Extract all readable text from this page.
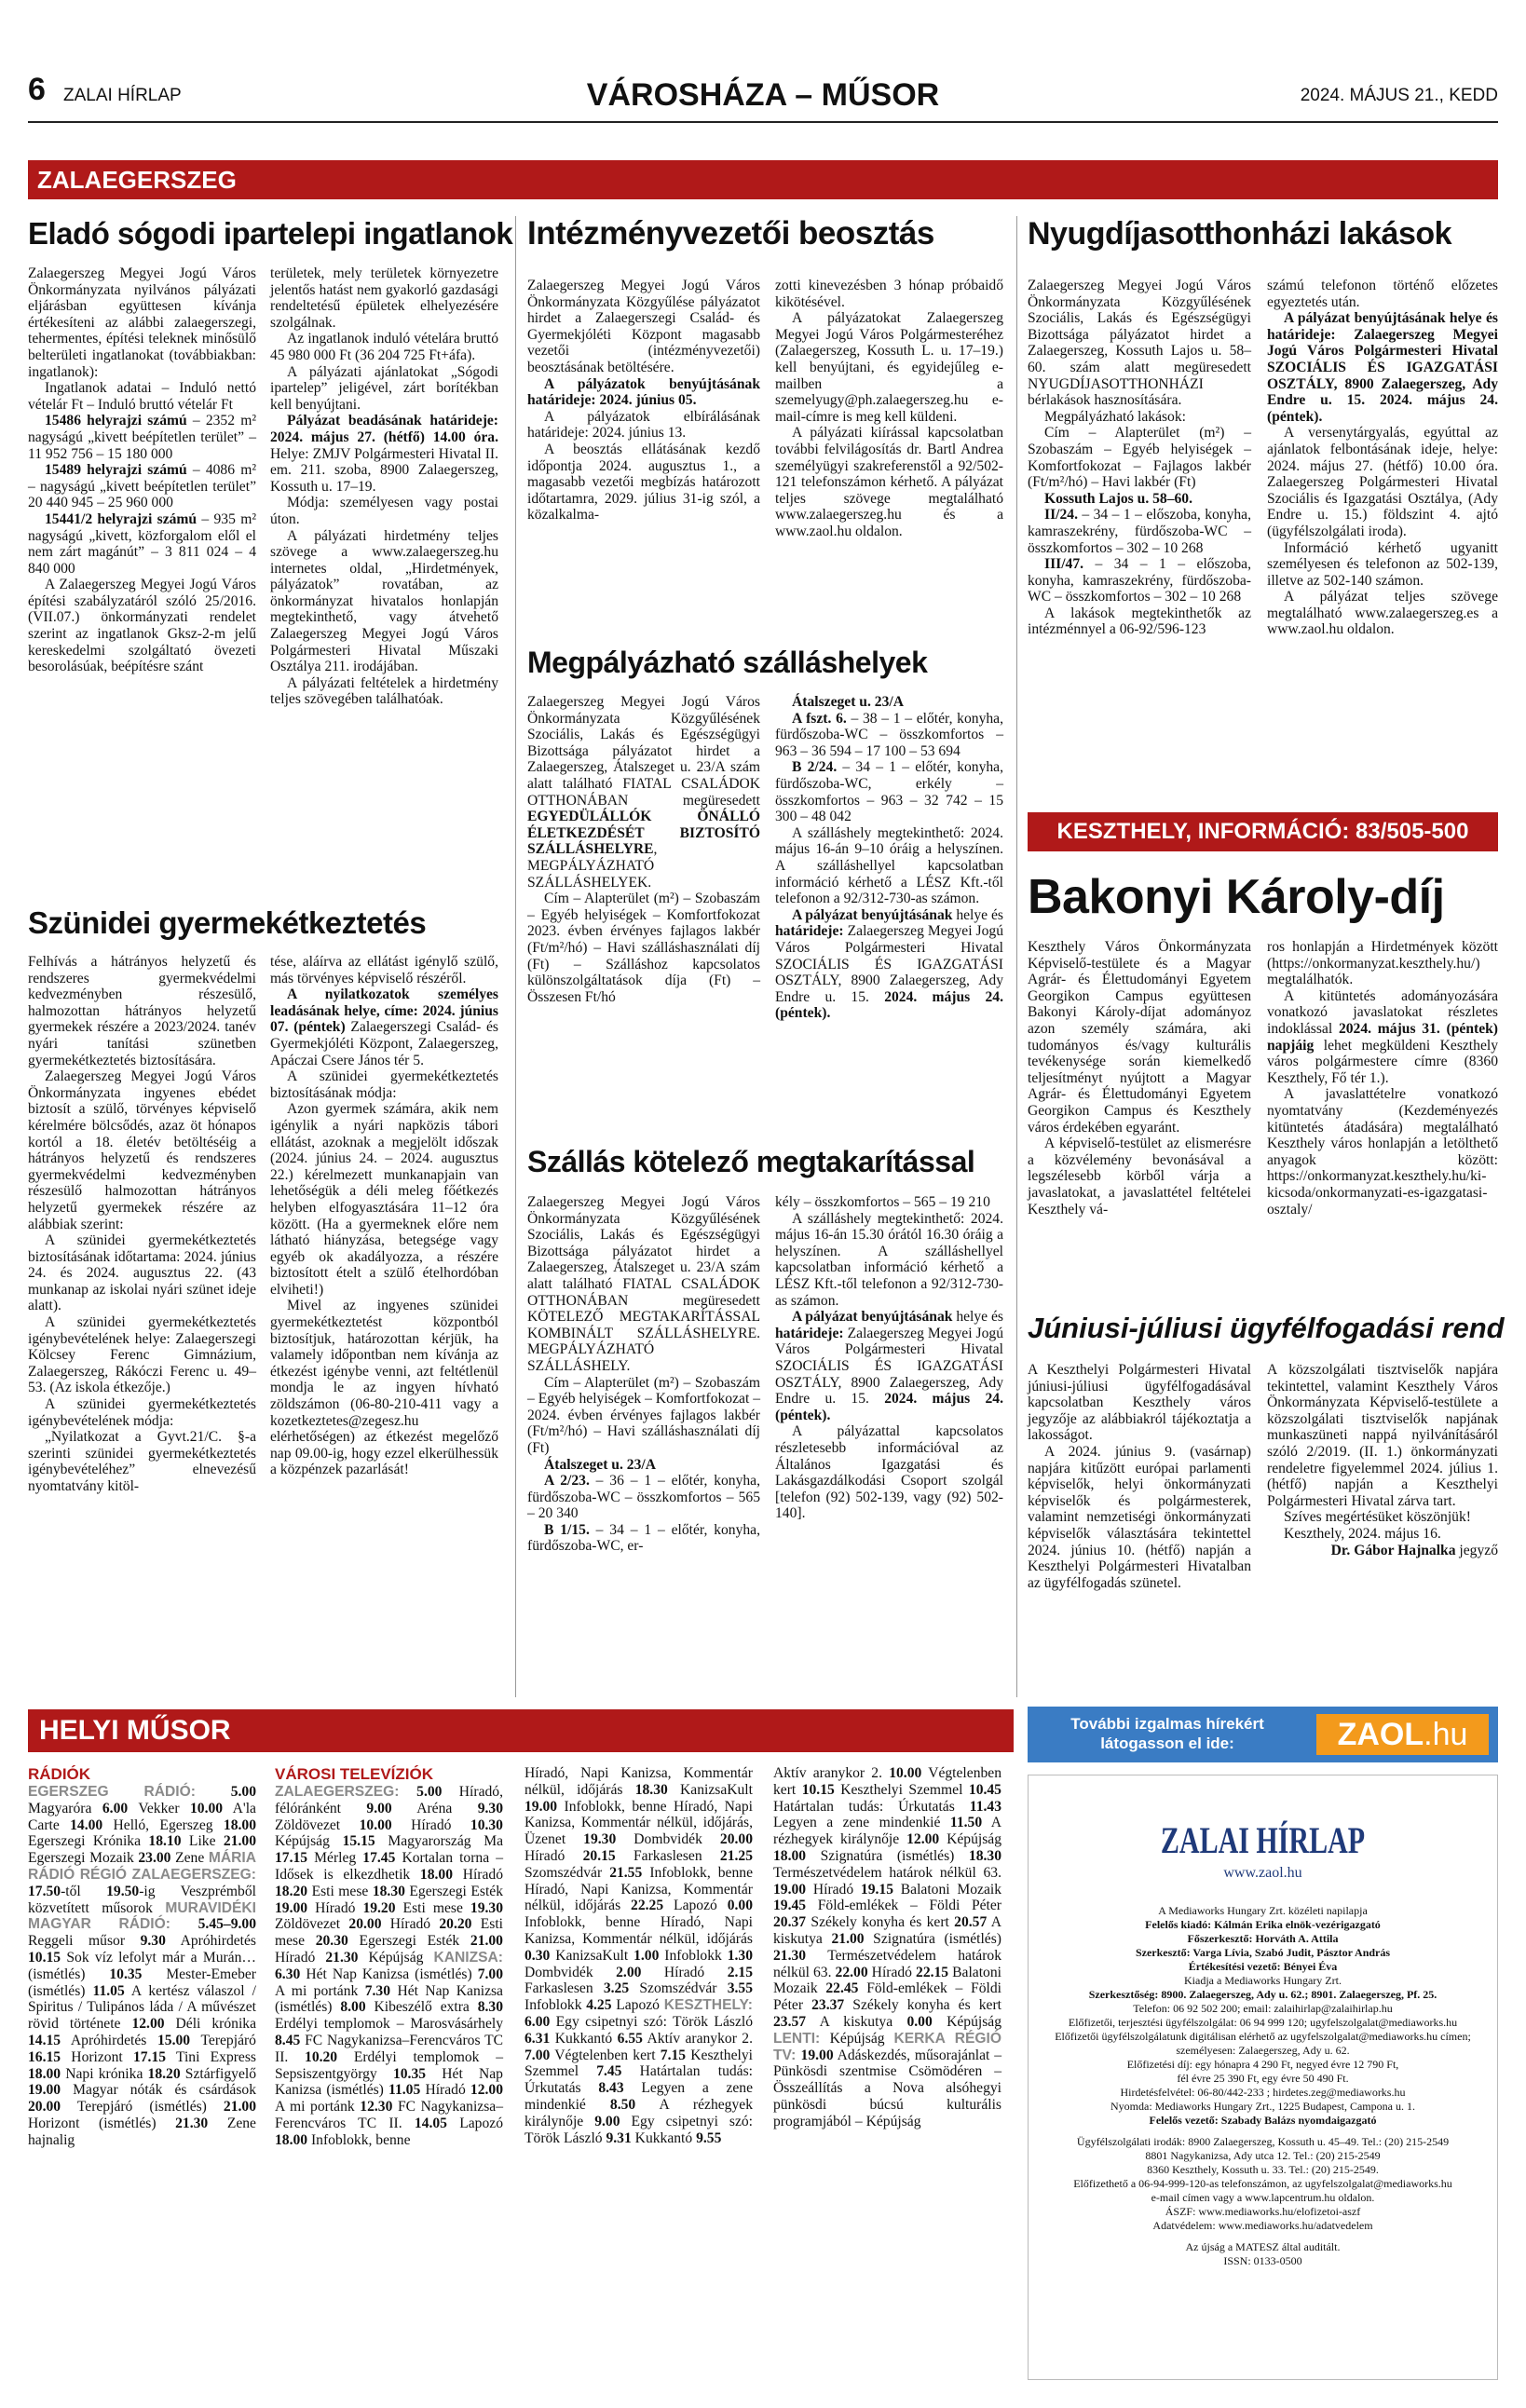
6 ZALAI HÍRLAP	VÁROSHÁZA – MŰSOR	2024. MÁJUS 21., KEDD
ZALAEGERSZEG
Eladó sógodi ipartelepi ingatlanok

Zalaegerszeg Megyei Jogú Város Önkormányzata nyilvános pályázati eljárásban együttesen kívánja értékesíteni az alábbi zalaegerszegi, tehermentes, építési teleknek minősülő belterületi ingatlanokat (továbbiakban: ingatlanok):

Ingatlanok adatai – Induló nettó vételár Ft – Induló bruttó vételár Ft

15486 helyrajzi számú – 2352 m² nagyságú „kivett beépítetlen terület” – 11 952 756 – 15 180 000

15489 helyrajzi számú – 4086 m² – nagyságú „kivett beépítetlen terület” 20 440 945 – 25 960 000

15441/2 helyrajzi számú – 935 m² nagyságú „kivett, közforgalom elől el nem zárt magánút” – 3 811 024 – 4 840 000

A Zalaegerszeg Megyei Jogú Város építési szabályzatáról szóló 25/2016. (VII.07.) önkormányzati rendelet szerint az ingatlanok Gksz-2-m jelű kereskedelmi szolgáltató övezeti besorolásúak, beépítésre szánt

területek, mely területek környezetre jelentős hatást nem gyakorló gazdasági rendeltetésű épületek elhelyezésére szolgálnak.

Az ingatlanok induló vételára bruttó 45 980 000 Ft (36 204 725 Ft+áfa).

A pályázati ajánlatokat „Sógodi ipartelep” jeligével, zárt borítékban kell benyújtani.

Pályázat beadásának határideje: 2024. május 27. (hétfő) 14.00 óra. Helye: ZMJV Polgármesteri Hivatal II. em. 211. szoba, 8900 Zalaegerszeg, Kossuth u. 17–19.

Módja: személyesen vagy postai úton.

A pályázati hirdetmény teljes szövege a www.zalaegerszeg.hu internetes oldal, „Hirdetmények, pályázatok” rovatában, az önkormányzat hivatalos honlapján megtekinthető, vagy átvehető Zalaegerszeg Megyei Jogú Város Polgármesteri Hivatal Műszaki Osztálya 211. irodájában.

A pályázati feltételek a hirdetmény teljes szövegében találhatóak.

Szünidei gyermekétkeztetés

Felhívás a hátrányos helyzetű és rendszeres gyermekvédelmi kedvezményben részesülő, halmozottan hátrányos helyzetű gyermekek részére a 2023/2024. tanév nyári tanítási szünetben gyermekétkeztetés biztosítására.

Zalaegerszeg Megyei Jogú Város Önkormányzata ingyenes ebédet biztosít a szülő, törvényes képviselő kérelmére bölcsődés, azaz öt hónapos kortól a 18. életév betöltéséig a hátrányos helyzetű és rendszeres gyermekvédelmi kedvezményben részesülő halmozottan hátrányos helyzetű gyermekek részére az alábbiak szerint:

A szünidei gyermekétkeztetés biztosításának időtartama: 2024. június 24. és 2024. augusztus 22. (43 munkanap az iskolai nyári szünet ideje alatt).

A szünidei gyermekétkeztetés igénybevételének helye: Zalaegerszegi Kölcsey Ferenc Gimnázium, Zalaegerszeg, Rákóczi Ferenc u. 49–53. (Az iskola étkezője.)

A szünidei gyermekétkeztetés igénybevételének módja:

„Nyilatkozat a Gyvt.21/C. §-a szerinti szünidei gyermekétkeztetés igénybevételéhez” elnevezésű nyomtatvány kitöl-

tése, aláírva az ellátást igénylő szülő, más törvényes képviselő részéről.

A nyilatkozatok személyes leadásának helye, címe: 2024. június 07. (péntek) Zalaegerszegi Család- és Gyermekjóléti Központ, Zalaegerszeg, Apáczai Csere János tér 5.

A szünidei gyermekétkeztetés biztosításának módja:

Azon gyermek számára, akik nem igénylik a nyári napközis tábori ellátást, azoknak a megjelölt időszak (2024. június 24. – 2024. augusztus 22.) kérelmezett munkanapjain van lehetőségük a déli meleg főétkezés helyben elfogyasztására 11–12 óra között. (Ha a gyermeknek előre nem látható hiányzása, betegsége vagy egyéb ok akadályozza, a részére biztosított ételt a szülő ételhordóban elviheti!)

Mivel az ingyenes szünidei gyermekétkeztetést központból biztosítjuk, határozottan kérjük, ha valamely időpontban nem kívánja az étkezést igénybe venni, azt feltétlenül mondja le az ingyen hívható zöldszámon (06-80-210-411 vagy a kozetkeztetes@zegesz.hu elérhetőségen) az étkezést megelőző nap 09.00-ig, hogy ezzel elkerülhessük a közpénzek pazarlását!

Intézményvezetői beosztás

Zalaegerszeg Megyei Jogú Város Önkormányzata Közgyűlése pályázatot hirdet a Zalaegerszegi Család- és Gyermekjóléti Központ magasabb vezetői (intézményvezetői) beosztásának betöltésére.

A pályázatok benyújtásának határideje: 2024. június 05.

A pályázatok elbírálásának határideje: 2024. június 13.

A beosztás ellátásának kezdő időpontja 2024. augusztus 1., a magasabb vezetői megbízás határozott időtartamra, 2029. július 31-ig szól, a közalkalma-

zotti kinevezésben 3 hónap próbaidő kikötésével.

A pályázatokat Zalaegerszeg Megyei Jogú Város Polgármesteréhez (Zalaegerszeg, Kossuth L. u. 17–19.) kell benyújtani, és egyidejűleg e-mailben a szemelyugy@ph.zalaegerszeg.hu e-mail-címre is meg kell küldeni.

A pályázati kiírással kapcsolatban további felvilágosítás dr. Bartl Andrea személyügyi szakreferenstől a 92/502-121 telefonszámon kérhető. A pályázat teljes szövege megtalálható www.zalaegerszeg.hu és a www.zaol.hu oldalon.

Megpályázható szálláshelyek

Zalaegerszeg Megyei Jogú Város Önkormányzata Közgyűlésének Szociális, Lakás és Egészségügyi Bizottsága pályázatot hirdet a Zalaegerszeg, Átalszeget u. 23/A szám alatt található FIATAL CSALÁDOK OTTHONÁBAN megüresedett EGYEDÜLÁLLÓK ÖNÁLLÓ ÉLETKEZDÉSÉT BIZTOSÍTÓ SZÁLLÁSHELYRE, MEGPÁLYÁZHATÓ SZÁLLÁSHELYEK.

Cím – Alapterület (m²) – Szobaszám – Egyéb helyiségek – Komfortfokozat 2023. évben érvényes fajlagos lakbér (Ft/m²/hó) – Havi szálláshasználati díj (Ft) – Szálláshoz kapcsolatos különszolgáltatások díja (Ft) – Összesen Ft/hó

Átalszeget u. 23/A

A fszt. 6. – 38 – 1 – előtér, konyha, fürdőszoba-WC – összkomfortos – 963 – 36 594 – 17 100 – 53 694

B 2/24. – 34 – 1 – előtér, konyha, fürdőszoba-WC, erkély – összkomfortos – 963 – 32 742 – 15 300 – 48 042

A szálláshely megtekinthető: 2024. május 16-án 9–10 óráig a helyszínen. A szálláshellyel kapcsolatban információ kérhető a LÉSZ Kft.-től telefonon a 92/312-730-as számon.

A pályázat benyújtásának helye és határideje: Zalaegerszeg Megyei Jogú Város Polgármesteri Hivatal SZOCIÁLIS ÉS IGAZGATÁSI OSZTÁLY, 8900 Zalaegerszeg, Ady Endre u. 15. 2024. május 24. (péntek).

Szállás kötelező megtakarítással

Zalaegerszeg Megyei Jogú Város Önkormányzata Közgyűlésének Szociális, Lakás és Egészségügyi Bizottsága pályázatot hirdet a Zalaegerszeg, Átalszeget u. 23/A szám alatt található FIATAL CSALÁDOK OTTHONÁBAN megüresedett KÖTELEZŐ MEGTAKARÍTÁSSAL KOMBINÁLT SZÁLLÁSHELYRE. MEGPÁLYÁZHATÓ SZÁLLÁSHELY.

Cím – Alapterület (m²) – Szobaszám – Egyéb helyiségek – Komfortfokozat – 2024. évben érvényes fajlagos lakbér (Ft/m²/hó) – Havi szálláshasználati díj (Ft)

Átalszeget u. 23/A

A 2/23. – 36 – 1 – előtér, konyha, fürdőszoba-WC – összkomfortos – 565 – 20 340

B 1/15. – 34 – 1 – előtér, konyha, fürdőszoba-WC, er-

kély – összkomfortos – 565 – 19 210

A szálláshely megtekinthető: 2024. május 16-án 15.30 órától 16.30 óráig a helyszínen. A szálláshellyel kapcsolatban információ kérhető a LÉSZ Kft.-től telefonon a 92/312-730-as számon.

A pályázat benyújtásának helye és határideje: Zalaegerszeg Megyei Jogú Város Polgármesteri Hivatal SZOCIÁLIS ÉS IGAZGATÁSI OSZTÁLY, 8900 Zalaegerszeg, Ady Endre u. 15. 2024. május 24. (péntek).

A pályázattal kapcsolatos részletesebb információval az Általános Igazgatási és Lakásgazdálkodási Csoport szolgál [telefon (92) 502-139, vagy (92) 502-140].

Nyugdíjasotthonházi lakások

Zalaegerszeg Megyei Jogú Város Önkormányzata Közgyűlésének Szociális, Lakás és Egészségügyi Bizottsága pályázatot hirdet a Zalaegerszeg, Kossuth Lajos u. 58–60. szám alatt megüresedett NYUGDÍJASOTTHONHÁZI bérlakások hasznosítására.

Megpályázható lakások:

Cím – Alapterület (m²) – Szobaszám – Egyéb helyiségek – Komfortfokozat – Fajlagos lakbér (Ft/m²/hó) – Havi lakbér (Ft)

Kossuth Lajos u. 58–60.

II/24. – 34 – 1 – előszoba, konyha, kamraszekrény, fürdőszoba-WC – összkomfortos – 302 – 10 268

III/47. – 34 – 1 – előszoba, konyha, kamraszekrény, fürdőszoba-WC – összkomfortos – 302 – 10 268

A lakások megtekinthetők az intézménnyel a 06-92/596-123

számú telefonon történő előzetes egyeztetés után.

A pályázat benyújtásának helye és határideje: Zalaegerszeg Megyei Jogú Város Polgármesteri Hivatal SZOCIÁLIS ÉS IGAZGATÁSI OSZTÁLY, 8900 Zalaegerszeg, Ady Endre u. 15. 2024. május 24. (péntek).

A versenytárgyalás, egyúttal az ajánlatok felbontásának ideje, helye: 2024. május 27. (hétfő) 10.00 óra. Zalaegerszeg Polgármesteri Hivatal Szociális és Igazgatási Osztálya, (Ady Endre u. 15.) földszint 4. ajtó (ügyfélszolgálati iroda).

Információ kérhető ugyanitt személyesen és telefonon az 502-139, illetve az 502-140 számon.

A pályázat teljes szövege megtalálható www.zalaegerszeg.es a www.zaol.hu oldalon.

KESZTHELY, INFORMÁCIÓ: 83/505-500
Bakonyi Károly-díj

Keszthely Város Önkormányzata Képviselő-testülete és a Magyar Agrár- és Élettudományi Egyetem Georgikon Campus együttesen Bakonyi Károly-díjat adományoz azon személy számára, aki tudományos és/vagy kulturális tevékenysége során kiemelkedő teljesítményt nyújtott a Magyar Agrár- és Élettudományi Egyetem Georgikon Campus és Keszthely város érdekében egyaránt.

A képviselő-testület az elismerésre a közvélemény bevonásával a legszélesebb körből várja a javaslatokat, a javaslattétel feltételei Keszthely vá-

ros honlapján a Hirdetmények között (https://onkormanyzat.keszthely.hu/) megtalálhatók.

A kitüntetés adományozására vonatkozó javaslatokat részletes indoklással 2024. május 31. (péntek) napjáig lehet megküldeni Keszthely város polgármestere címre (8360 Keszthely, Fő tér 1.).

A javaslattételre vonatkozó nyomtatvány (Kezdeményezés kitüntetés átadására) megtalálható Keszthely város honlapján a letölthető anyagok között: https://onkormanyzat.keszthely.hu/ki-kicsoda/onkormanyzati-es-igazgatasi-osztaly/

Júniusi-júliusi ügyfélfogadási rend

A Keszthelyi Polgármesteri Hivatal júniusi-júliusi ügyfélfogadásával kapcsolatban Keszthely város jegyzője az alábbiakról tájékoztatja a lakosságot.

A 2024. június 9. (vasárnap) napjára kitűzött európai parlamenti képviselők, helyi önkormányzati képviselők és polgármesterek, valamint nemzetiségi önkormányzati képviselők választására tekintettel 2024. június 10. (hétfő) napján a Keszthelyi Polgármesteri Hivatalban az ügyfélfogadás szünetel.

A közszolgálati tisztviselők napjára tekintettel, valamint Keszthely Város Önkormányzata Képviselő-testülete a közszolgálati tisztviselők napjának munkaszüneti nappá nyilvánításáról szóló 2/2019. (II. 1.) önkormányzati rendeletre figyelemmel 2024. július 1. (hétfő) napján a Keszthelyi Polgármesteri Hivatal zárva tart.

Szíves megértésüket köszönjük!

Keszthely, 2024. május 16.

Dr. Gábor Hajnalka jegyző

HELYI MŰSOR
RÁDIÓK
EGERSZEG RÁDIÓ: 5.00 Magyaróra 6.00 Vekker 10.00 A'la Carte 14.00 Helló, Egerszeg 18.00 Egerszegi Krónika 18.10 Like 21.00 Egerszegi Mozaik 23.00 Zene MÁRIA RÁDIÓ RÉGIÓ ZALAEGERSZEG: 17.50-től 19.50-ig Veszprémből közvetített műsorok MURAVIDÉKI MAGYAR RÁDIÓ: 5.45–9.00 Reggeli műsor 9.30 Apróhirdetés 10.15 Sok víz lefolyt már a Murán… (ismétlés) 10.35 Mester-Emeber (ismétlés) 11.05 A kertész válaszol / Spiritus / Tulipános láda / A művészet rövid története 12.00 Déli krónika 14.15 Apróhirdetés 15.00 Terepjáró 16.15 Horizont 17.15 Tini Express 18.00 Napi krónika 18.20 Sztárfigyelő 19.00 Magyar nóták és csárdások 20.00 Terepjáró (ismétlés) 21.00 Horizont (ismétlés) 21.30 Zene hajnalig
VÁROSI TELEVÍZIÓK
ZALAEGERSZEG: 5.00 Híradó, félóránként 9.00 Aréna 9.30 Zöldövezet 10.00 Híradó 10.30 Képújság 15.15 Magyarország Ma 17.15 Mérleg 17.45 Kortalan torna – Idősek is elkezdhetik 18.00 Híradó 18.20 Esti mese 18.30 Egerszegi Esték 19.00 Híradó 19.20 Esti mese 19.30 Zöldövezet 20.00 Híradó 20.20 Esti mese 20.30 Egerszegi Esték 21.00 Híradó 21.30 Képújság KANIZSA: 6.30 Hét Nap Kanizsa (ismétlés) 7.00 A mi portánk 7.30 Hét Nap Kanizsa (ismétlés) 8.00 Kibeszélő extra 8.30 Erdélyi templomok – Marosvásárhely 8.45 FC Nagykanizsa–Ferencváros TC II. 10.20 Erdélyi templomok – Sepsiszentgyörgy 10.35 Hét Nap Kanizsa (ismétlés) 11.05 Híradó 12.00 A mi portánk 12.30 FC Nagykanizsa–Ferencváros TC II. 14.05 Lapozó 18.00 Infoblokk, benne
Híradó, Napi Kanizsa, Kommentár nélkül, időjárás 18.30 KanizsaKult 19.00 Infoblokk, benne Híradó, Napi Kanizsa, Kommentár nélkül, időjárás, Üzenet 19.30 Dombvidék 20.00 Híradó 20.15 Farkaslesen 21.25 Szomszédvár 21.55 Infoblokk, benne Híradó, Napi Kanizsa, Kommentár nélkül, időjárás 22.25 Lapozó 0.00 Infoblokk, benne Híradó, Napi Kanizsa, Kommentár nélkül, időjárás 0.30 KanizsaKult 1.00 Infoblokk 1.30 Dombvidék 2.00 Híradó 2.15 Farkaslesen 3.25 Szomszédvár 3.55 Infoblokk 4.25 Lapozó KESZTHELY: 6.00 Egy csipetnyi szó: Török László 6.31 Kukkantó 6.55 Aktív aranykor 2. 7.00 Végtelenben kert 7.15 Keszthelyi Szemmel 7.45 Határtalan tudás: Úrkutatás 8.43 Legyen a zene mindenkié 8.50 A rézhegyek királynője 9.00 Egy csipetnyi szó: Török László 9.31 Kukkantó 9.55
Aktív aranykor 2. 10.00 Végtelenben kert 10.15 Keszthelyi Szemmel 10.45 Határtalan tudás: Úrkutatás 11.43 Legyen a zene mindenkié 11.50 A rézhegyek királynője 12.00 Képújság 18.00 Szignatúra (ismétlés) 18.30 Természetvédelem határok nélkül 63. 19.00 Híradó 19.15 Balatoni Mozaik 19.45 Föld-emlékek – Földi Péter 20.37 Székely konyha és kert 20.57 A kiskutya 21.00 Szignatúra (ismétlés) 21.30 Természetvédelem határok nélkül 63. 22.00 Híradó 22.15 Balatoni Mozaik 22.45 Föld-emlékek – Földi Péter 23.37 Székely konyha és kert 23.57 A kiskutya 0.00 Képújság LENTI: Képújság KERKA RÉGIÓ TV: 19.00 Adáskezdés, műsorajánlat – Pünkösdi szentmise Csömödéren – Összeállítás a Nova alsóhegyi pünkösdi búcsú kulturális programjából – Képújság
További izgalmas hírekért
látogasson el ide:	ZAOL.hu
ZALAI HÍRLAP
www.zaol.hu
A Mediaworks Hungary Zrt. közéleti napilapja
Felelős kiadó: Kálmán Erika elnök-vezérigazgató
Főszerkesztő: Horváth A. Attila
Szerkesztő: Varga Lívia, Szabó Judit, Pásztor András
Értékesítési vezető: Bényei Éva
Kiadja a Mediaworks Hungary Zrt.
Szerkesztőség: 8900. Zalaegerszeg, Ady u. 62.; 8901. Zalaegerszeg, Pf. 25.
Telefon: 06 92 502 200; email: zalaihirlap@zalaihirlap.hu
Előfizetői, terjesztési ügyfélszolgálat: 06 94 999 120; ugyfelszolgalat@mediaworks.hu
Előfizetői ügyfélszolgálatunk digitálisan elérhető az ugyfelszolgalat@mediaworks.hu címen;
személyesen: Zalaegerszeg, Ady u. 62.
Előfizetési díj: egy hónapra 4 290 Ft, negyed évre 12 790 Ft,
fél évre 25 390 Ft, egy évre 50 490 Ft.
Hirdetésfelvétel: 06-80/442-233 ; hirdetes.zeg@mediaworks.hu
Nyomda: Mediaworks Hungary Zrt., 1225 Budapest, Campona u. 1.
Felelős vezető: Szabady Balázs nyomdaigazgató
Ügyfélszolgálati irodák: 8900 Zalaegerszeg, Kossuth u. 45–49. Tel.: (20) 215-2549
8801 Nagykanizsa, Ady utca 12. Tel.: (20) 215-2549
8360 Keszthely, Kossuth u. 33. Tel.: (20) 215-2549.
Előfizethető a 06-94-999-120-as telefonszámon, az ugyfelszolgalat@mediaworks.hu
e-mail címen vagy a www.lapcentrum.hu oldalon.
ÁSZF: www.mediaworks.hu/elofizetoi-aszf
Adatvédelem: www.mediaworks.hu/adatvedelem
Az újság a MATESZ által auditált.
ISSN: 0133-0500
